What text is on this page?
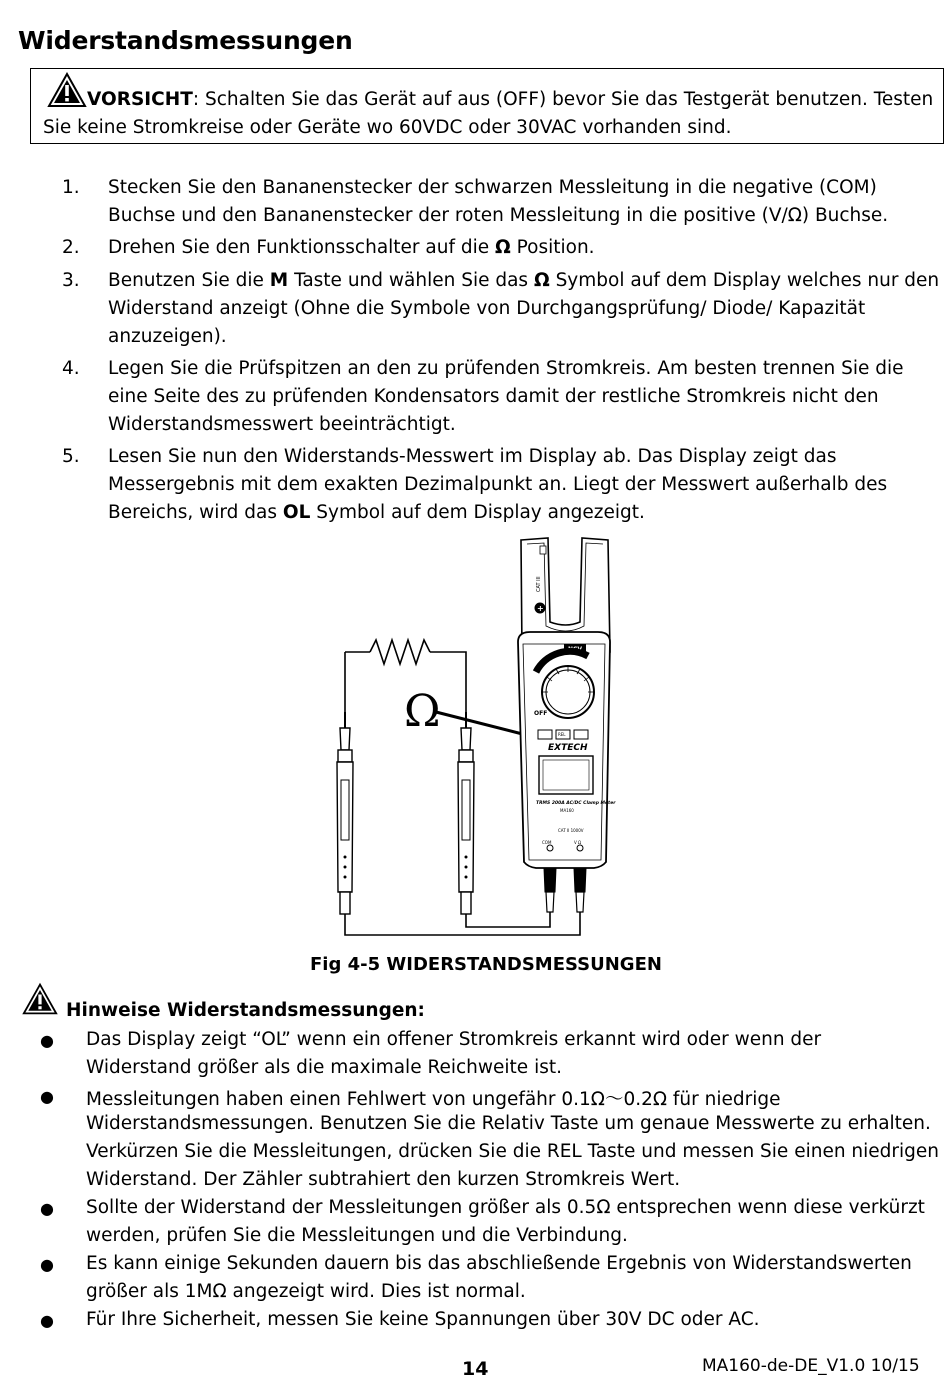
Widerstandsmessungen
VORSICHT: Schalten Sie das Gerät auf aus (OFF) bevor Sie das Testgerät benutzen. Testen
Sie keine Stromkreise oder Geräte wo 60VDC oder 30VAC vorhanden sind.
1. Stecken Sie den Bananenstecker der schwarzen Messleitung in die negative (COM)
Buchse und den Bananenstecker der roten Messleitung in die positive (V/Ω) Buchse.
2. Drehen Sie den Funktionsschalter auf die Ω Position.
3. Benutzen Sie die M Taste und wählen Sie das Ω Symbol auf dem Display welches nur den
Widerstand anzeigt (Ohne die Symbole von Durchgangsprüfung/ Diode/ Kapazität
anzuzeigen).
4. Legen Sie die Prüfspitzen an den zu prüfenden Stromkreis. Am besten trennen Sie die
eine Seite des zu prüfenden Kondensators damit der restliche Stromkreis nicht den
Widerstandsmesswert beeinträchtigt.
5. Lesen Sie nun den Widerstands-Messwert im Display ab. Das Display zeigt das
Messergebnis mit dem exakten Dezimalpunkt an. Liegt der Messwert außerhalb des
Bereichs, wird das OL Symbol auf dem Display angezeigt.
Ω
CAT III
+
NCV
OFF
REL
EXTECH
TRMS 200A AC/DC Clamp Meter
MA160
CAT II 1000V
COM	V Ω
Fig 4-5 WIDERSTANDSMESSUNGEN
Hinweise Widerstandsmessungen:
● Das Display zeigt “OL” wenn ein offener Stromkreis erkannt wird oder wenn der
Widerstand größer als die maximale Reichweite ist.
● Messleitungen haben einen Fehlwert von ungefähr 0.1Ω〜0.2Ω für niedrige
Widerstandsmessungen. Benutzen Sie die Relativ Taste um genaue Messwerte zu erhalten.
Verkürzen Sie die Messleitungen, drücken Sie die REL Taste und messen Sie einen niedrigen
Widerstand. Der Zähler subtrahiert den kurzen Stromkreis Wert.
● Sollte der Widerstand der Messleitungen größer als 0.5Ω entsprechen wenn diese verkürzt
werden, prüfen Sie die Messleitungen und die Verbindung.
● Es kann einige Sekunden dauern bis das abschließende Ergebnis von Widerstandswerten
größer als 1MΩ angezeigt wird. Dies ist normal.
● Für Ihre Sicherheit, messen Sie keine Spannungen über 30V DC oder AC.
14	MA160-de-DE_V1.0 10/15
